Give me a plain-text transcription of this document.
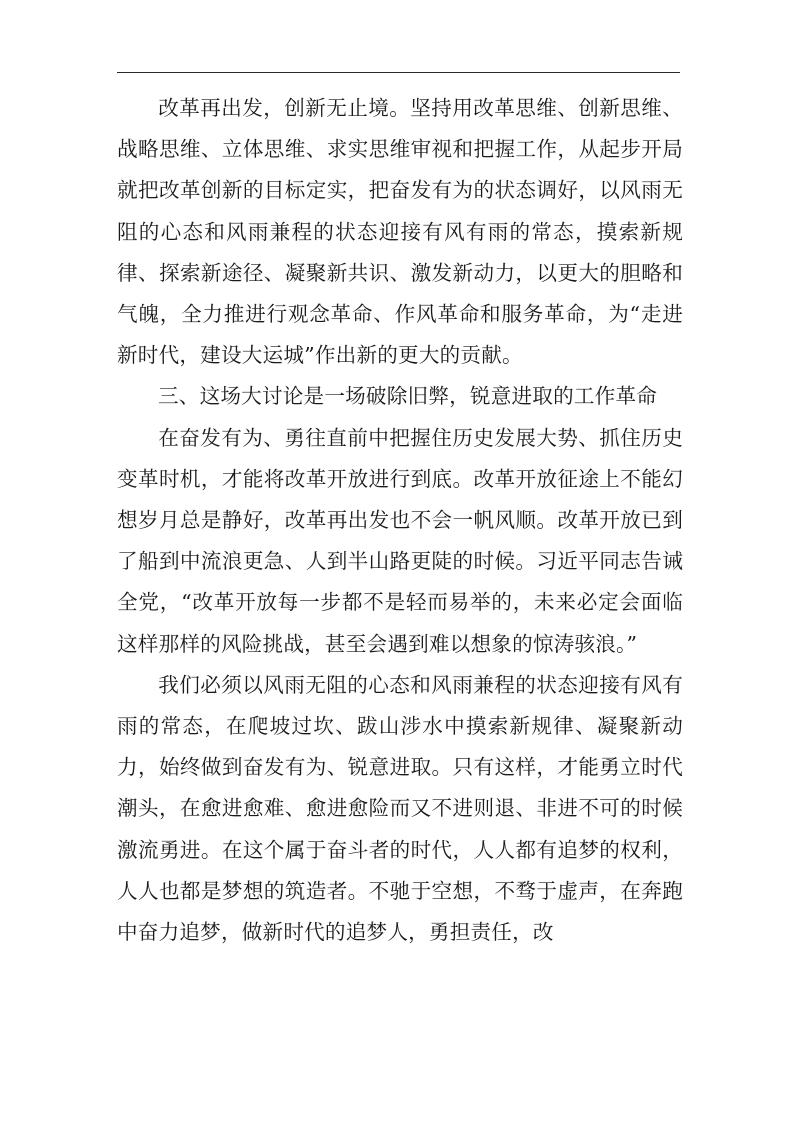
改革再出发，创新无止境。坚持用改革思维、创新思维、战略思维、立体思维、求实思维审视和把握工作，从起步开局就把改革创新的目标定实，把奋发有为的状态调好，以风雨无阻的心态和风雨兼程的状态迎接有风有雨的常态，摸索新规律、探索新途径、凝聚新共识、激发新动力，以更大的胆略和气魄，全力推进行观念革命、作风革命和服务革命，为“走进新时代，建设大运城”作出新的更大的贡献。

三、这场大讨论是一场破除旧弊，锐意进取的工作革命

在奋发有为、勇往直前中把握住历史发展大势、抓住历史变革时机，才能将改革开放进行到底。改革开放征途上不能幻想岁月总是静好，改革再出发也不会一帆风顺。改革开放已到了船到中流浪更急、人到半山路更陡的时候。习近平同志告诫全党，“改革开放每一步都不是轻而易举的，未来必定会面临这样那样的风险挑战，甚至会遇到难以想象的惊涛骇浪。”

我们必须以风雨无阻的心态和风雨兼程的状态迎接有风有雨的常态，在爬坡过坎、跋山涉水中摸索新规律、凝聚新动力，始终做到奋发有为、锐意进取。只有这样，才能勇立时代潮头，在愈进愈难、愈进愈险而又不进则退、非进不可的时候激流勇进。在这个属于奋斗者的时代，人人都有追梦的权利，人人也都是梦想的筑造者。不驰于空想，不骛于虚声，在奔跑中奋力追梦，做新时代的追梦人，勇担责任，改
